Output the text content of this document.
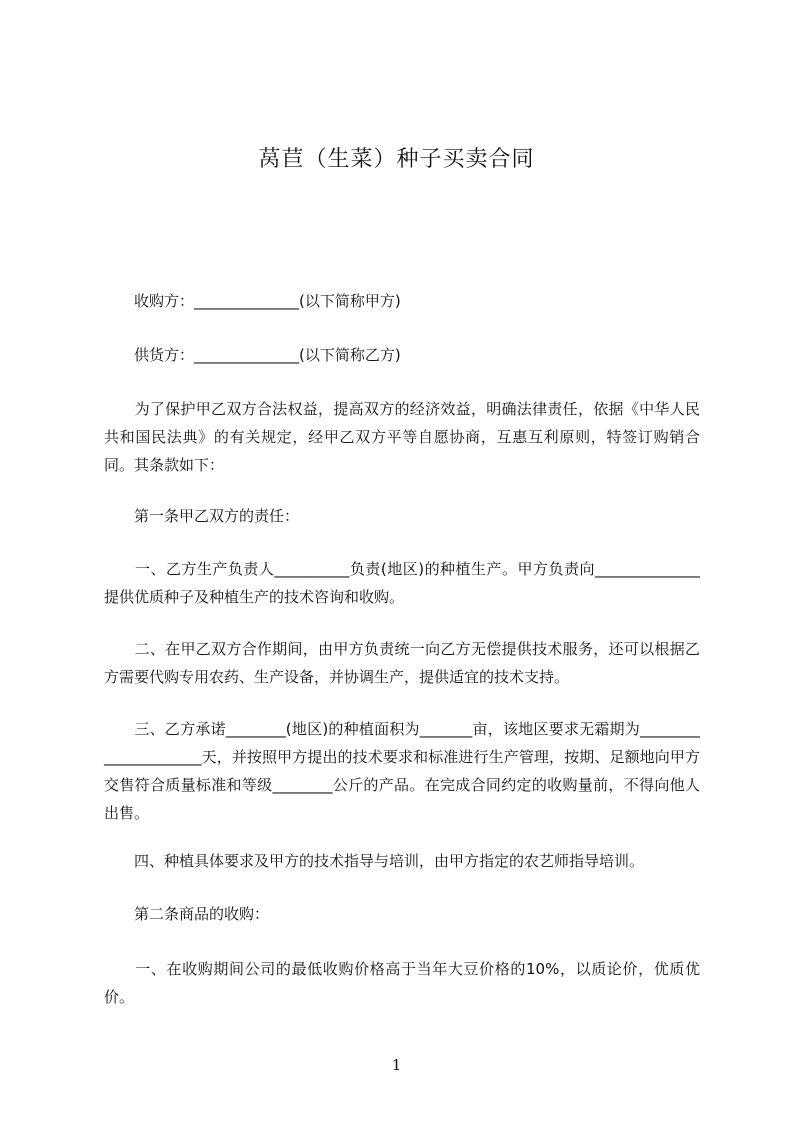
莴苣（生菜）种子买卖合同

　　收购方：______________(以下简称甲方)

　　供货方：______________(以下简称乙方)

　　为了保护甲乙双方合法权益，提高双方的经济效益，明确法律责任，依据《中华人民共和国民法典》的有关规定，经甲乙双方平等自愿协商，互惠互利原则，特签订购销合同。其条款如下：

　　第一条甲乙双方的责任：

　　一、乙方生产负责人__________负责(地区)的种植生产。甲方负责向______________提供优质种子及种植生产的技术咨询和收购。

　　二、在甲乙双方合作期间，由甲方负责统一向乙方无偿提供技术服务，还可以根据乙方需要代购专用农药、生产设备，并协调生产，提供适宜的技术支持。

　　三、乙方承诺________(地区)的种植面积为_______亩，该地区要求无霜期为_____________________天，并按照甲方提出的技术要求和标准进行生产管理，按期、足额地向甲方交售符合质量标准和等级________公斤的产品。在完成合同约定的收购量前，不得向他人出售。

　　四、种植具体要求及甲方的技术指导与培训，由甲方指定的农艺师指导培训。

　　第二条商品的收购：

　　一、在收购期间公司的最低收购价格高于当年大豆价格的10%，以质论价，优质优价。

1
